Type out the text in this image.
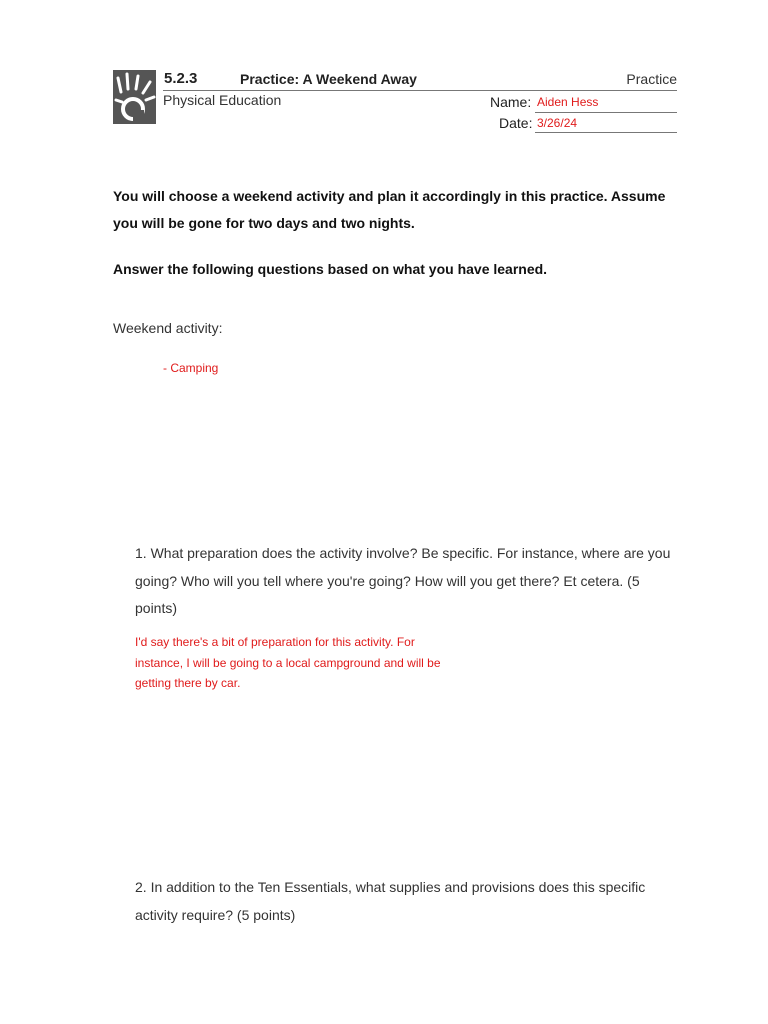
5.2.3	Practice: A Weekend Away	Practice
Physical Education	Name: Aiden Hess
Date: 3/26/24
You will choose a weekend activity and plan it accordingly in this practice. Assume you will be gone for two days and two nights.
Answer the following questions based on what you have learned.
Weekend activity:
- Camping
1. What preparation does the activity involve? Be specific. For instance, where are you going? Who will you tell where you're going? How will you get there? Et cetera. (5 points)
I'd say there's a bit of preparation for this activity. For instance, I will be going to a local campground and will be getting there by car.
2. In addition to the Ten Essentials, what supplies and provisions does this specific activity require? (5 points)
